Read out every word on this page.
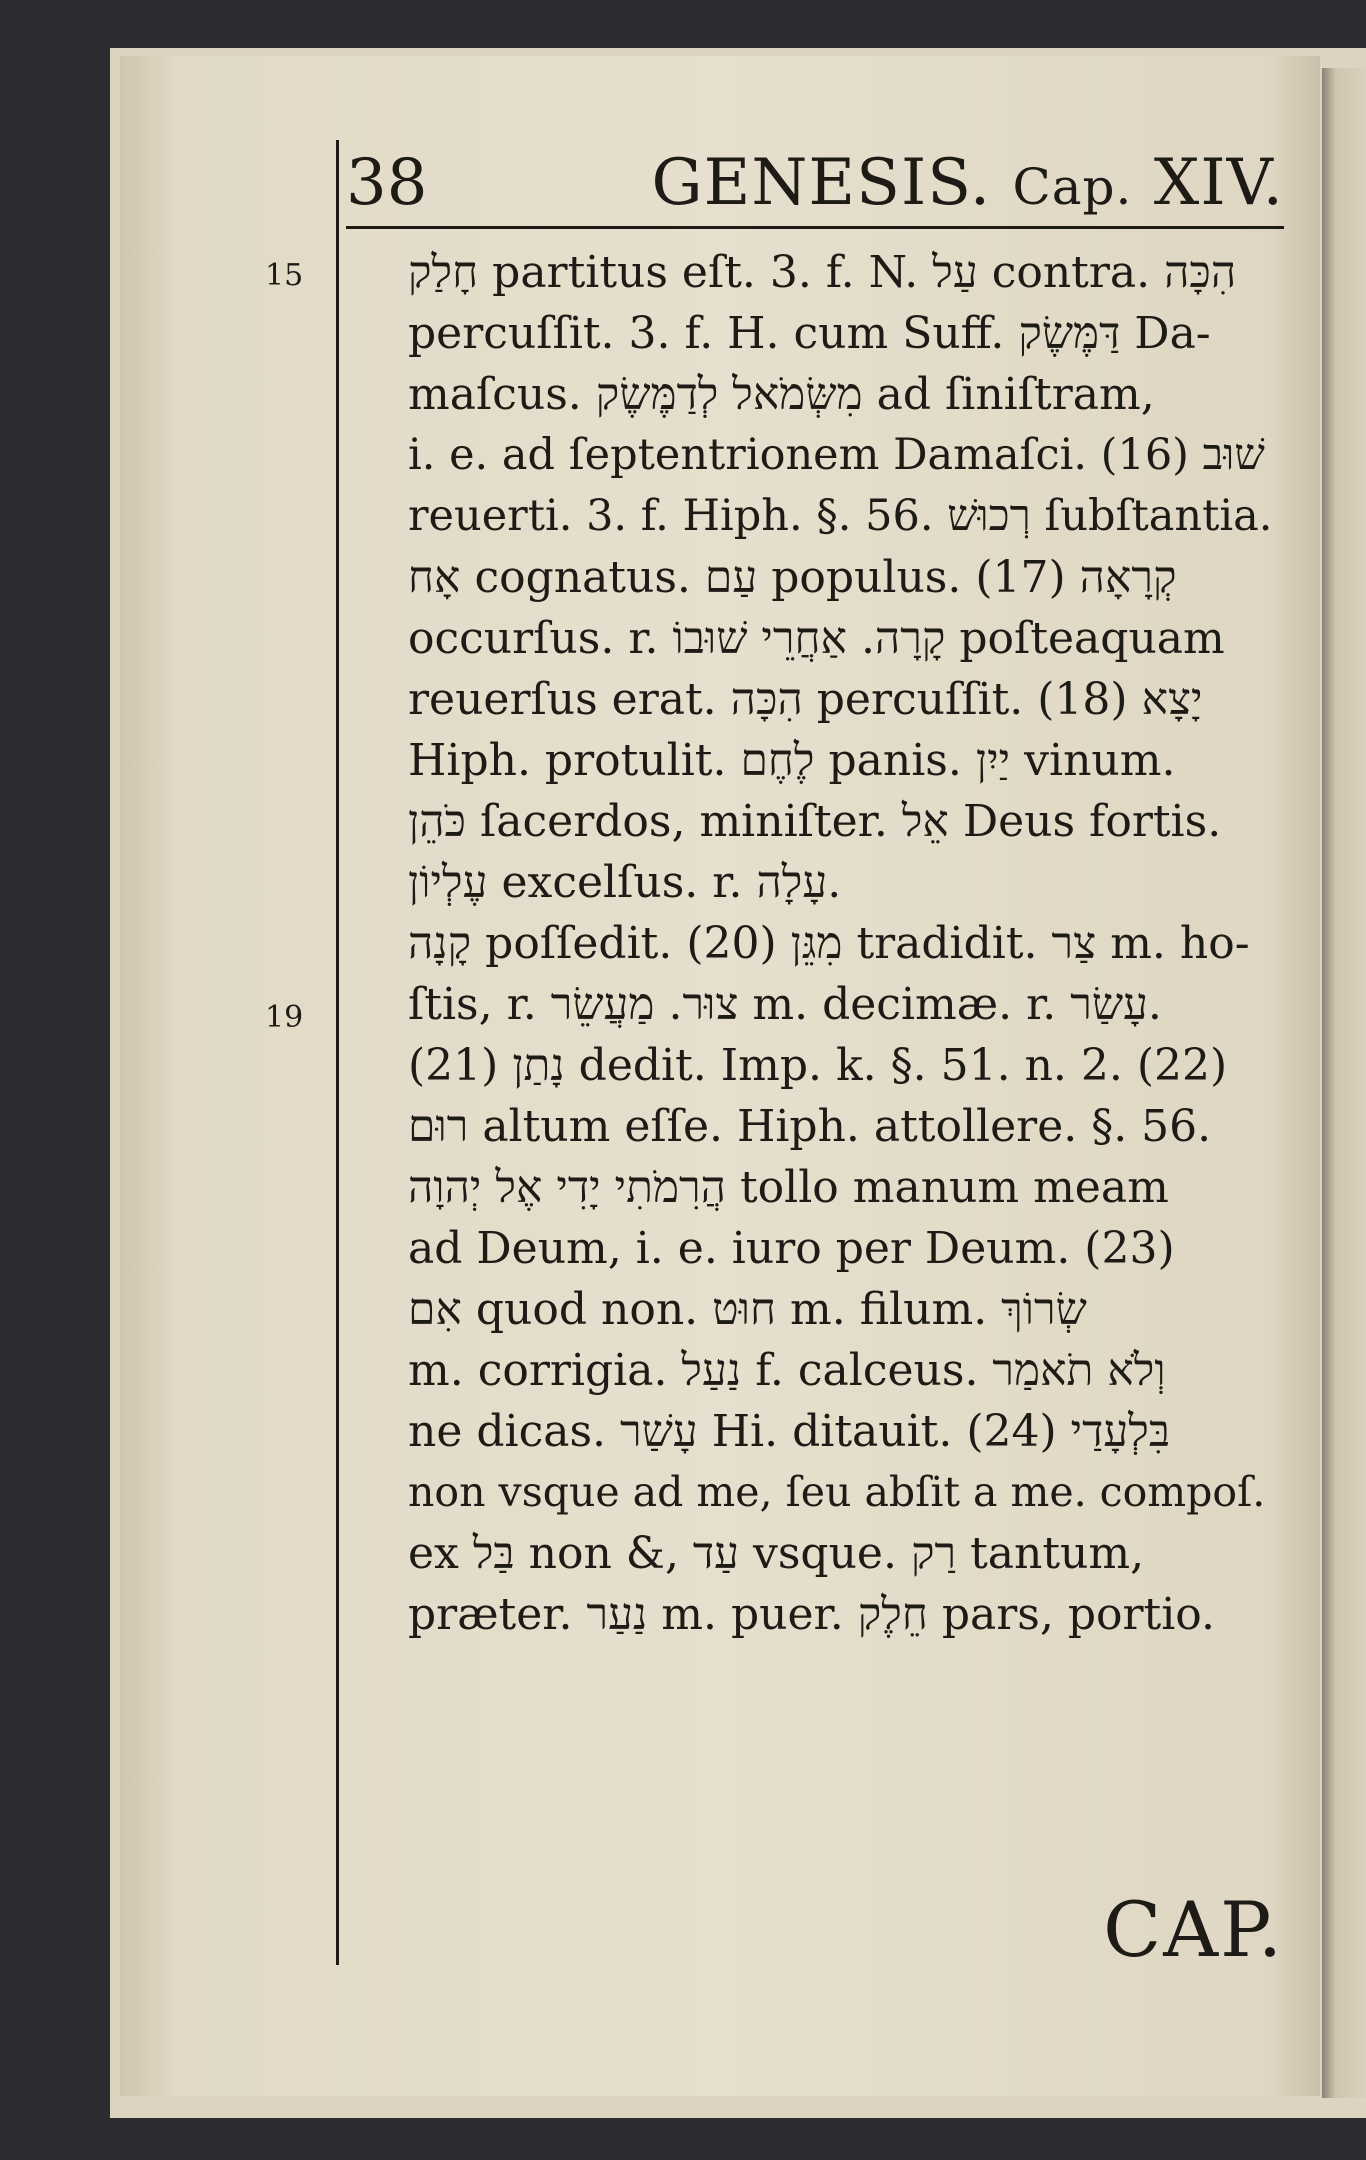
38	GENESIS. Cap. XIV.
15
19
חָלַק partitus eſt. 3. f. N. עַל contra. הִכָּה
percuſſit. 3. f. H. cum Suff. דַּמֶּשֶׂק Da-
maſcus. מִשְּׂמֹאל לְדַמֶּשֶׂק ad ſiniſtram,
i. e. ad ſeptentrionem Damaſci. (16) שׁוּב
reuerti. 3. f. Hiph. §. 56. רְכוּשׁ ſubſtantia.
אָח cognatus. עַם populus. (17) קְרָאָה
occurſus. r. קָרָה. אַחֲרֵי שׁוּבוֹ poſteaquam
reuerſus erat. הִכָּה percuſſit. (18) יָצָא
Hiph. protulit. לֶחֶם panis. יַיִן vinum.
כֹּהֵן ſacerdos, miniſter. אֵל Deus fortis.
עֶלְיוֹן excelſus. r. עָלָה.
קָנָה poſſedit. (20) מִגֵּן tradidit. צַר m. ho-
ſtis, r. צוּר. מַעֲשֵׂר m. decimæ. r. עָשַׂר.
(21) נָתַן dedit. Imp. k. §. 51. n. 2. (22)
רוּם altum eſſe. Hiph. attollere. §. 56.
הֲרִמֹתִי יָדִי אֶל יְהוָה tollo manum meam
ad Deum, i. e. iuro per Deum. (23)
אִם quod non. חוּט m. filum. שְׂרוֹךְ
m. corrigia. נַעַל f. calceus. וְלֹא תֹאמַר
ne dicas. עָשַׁר Hi. ditauit. (24) בִּלְעָדַי
non vsque ad me, ſeu abſit a me. compoſ.
ex בַּל non &, עַד vsque. רַק tantum,
præter. נַעַר m. puer. חֵלֶק pars, portio.
CAP.
